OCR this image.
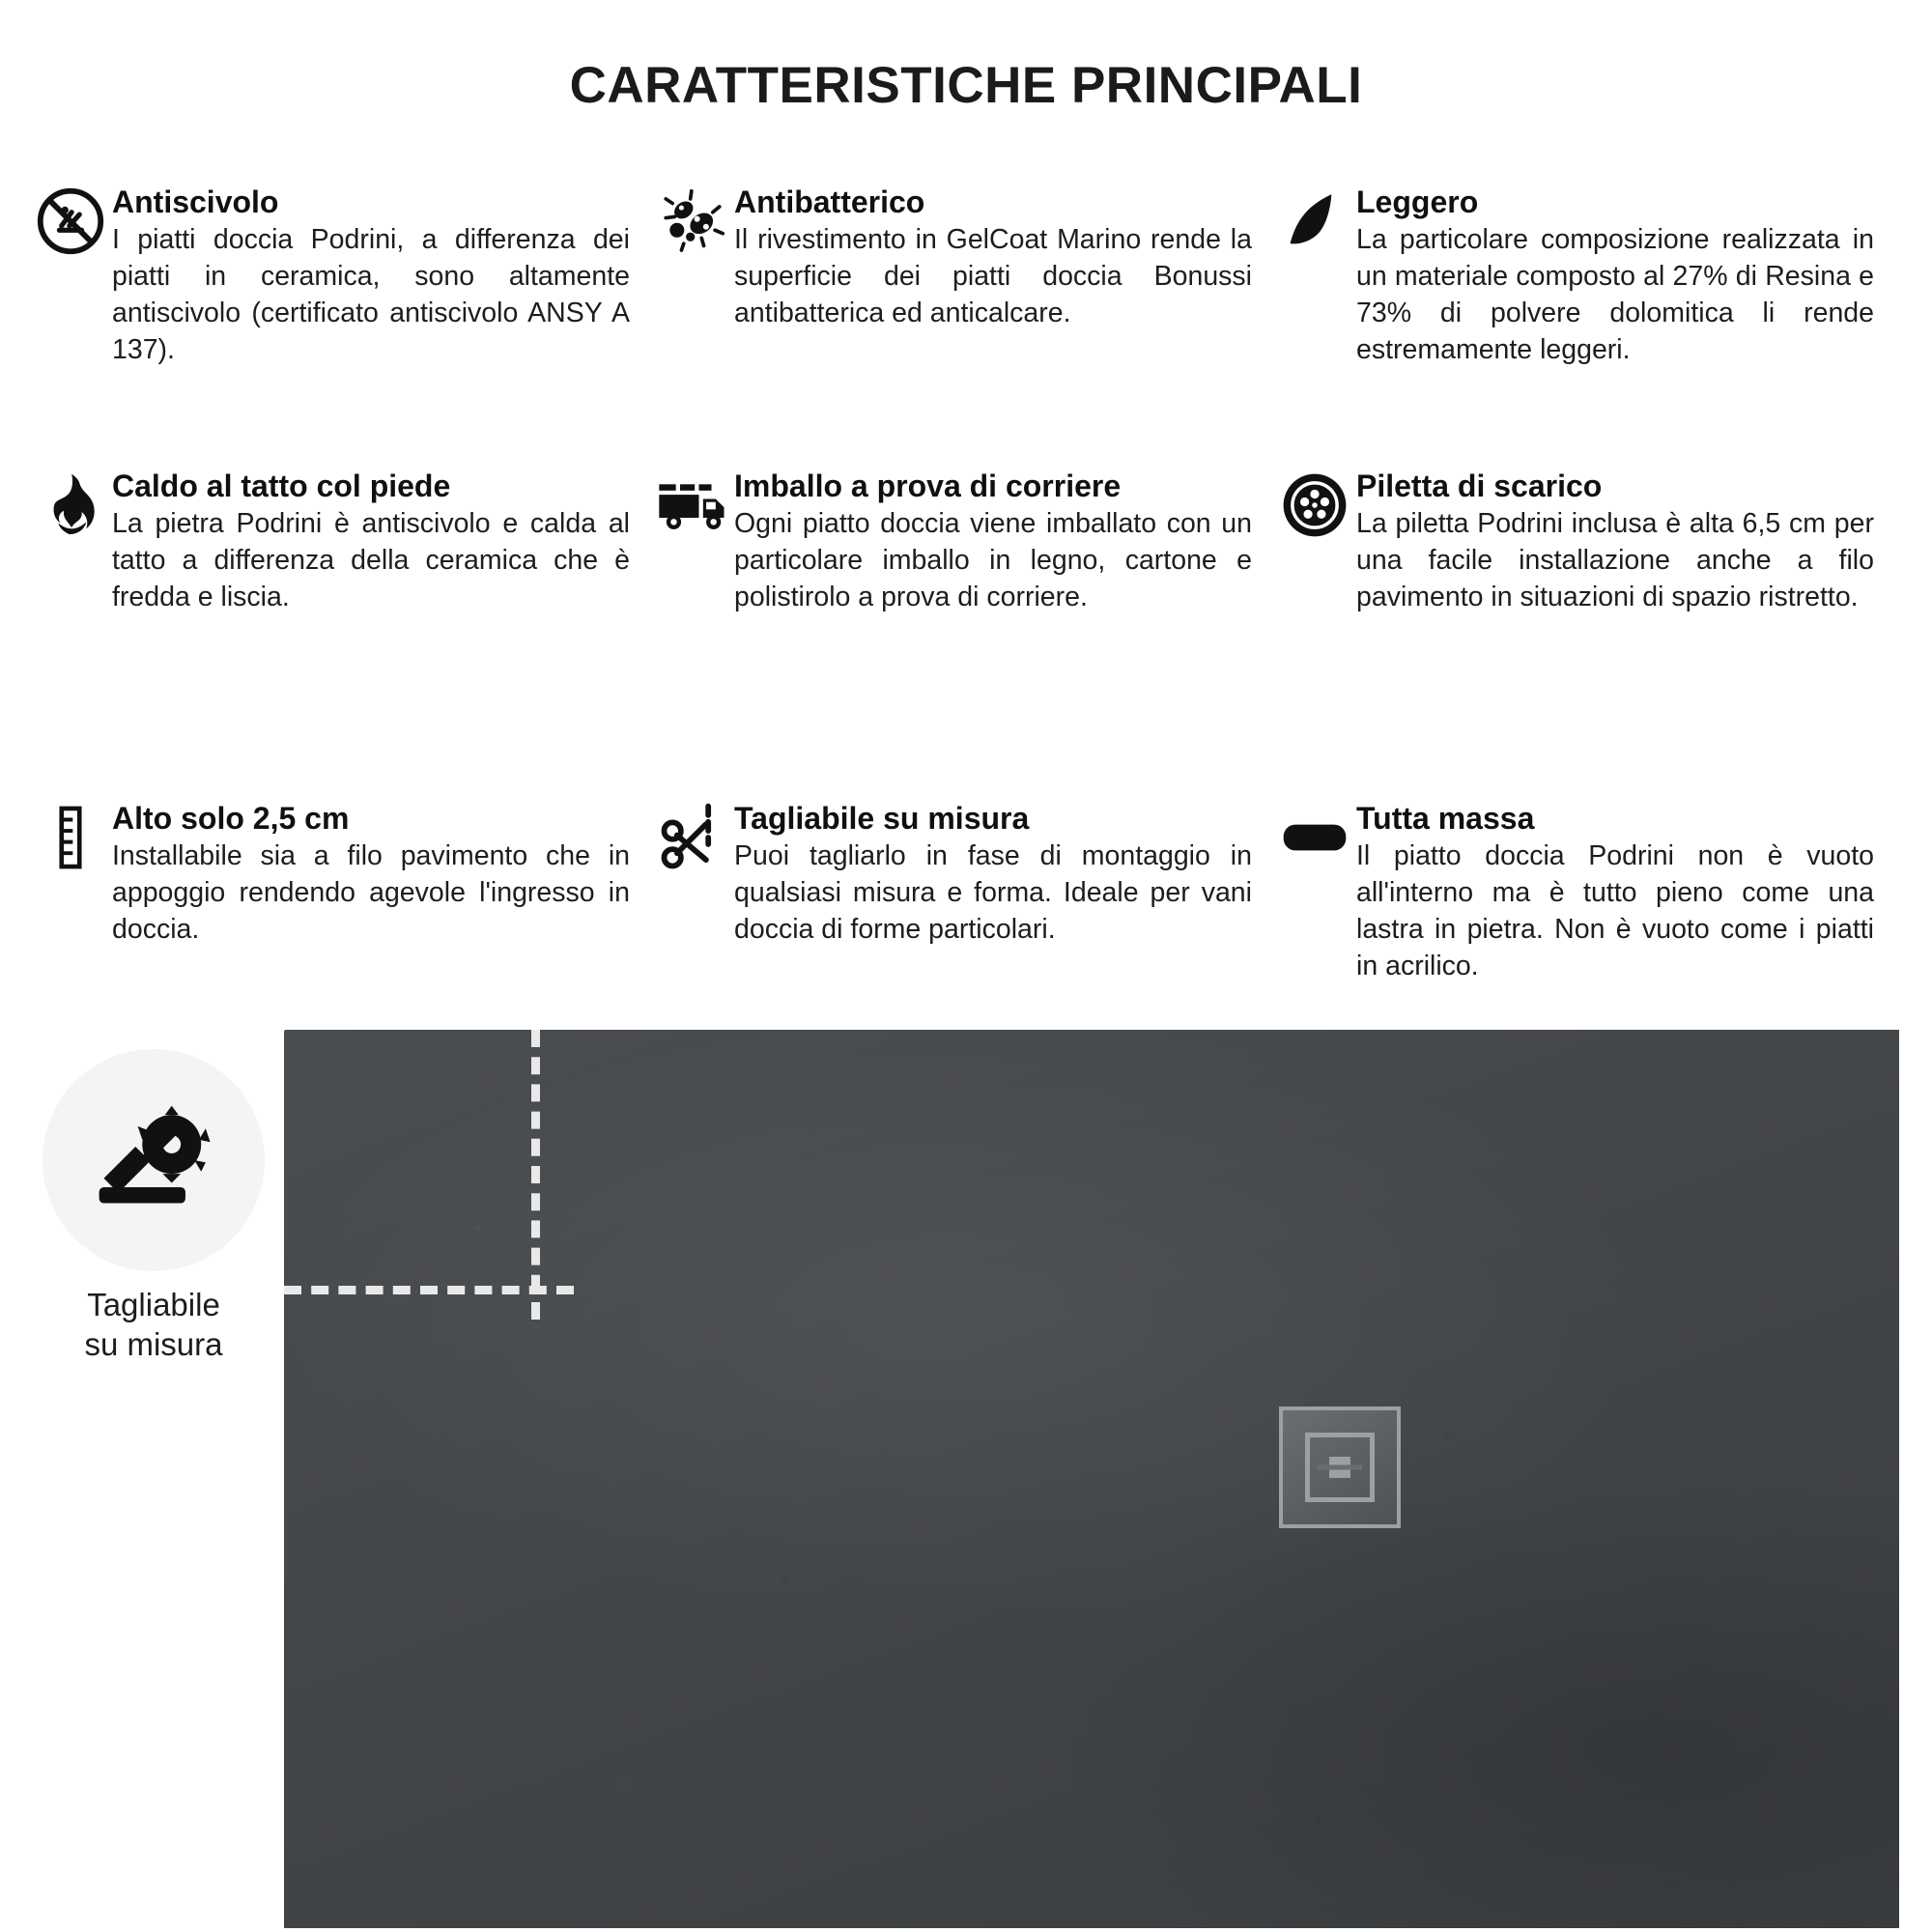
CARATTERISTICHE PRINCIPALI

Antiscivolo

I piatti doccia Podrini, a differenza dei piatti in ceramica, sono altamente antiscivolo (certificato antiscivolo ANSY A 137).

Antibatterico

Il rivestimento in GelCoat Marino rende la superficie dei piatti doccia Bonussi antibatterica ed anticalcare.

Leggero

La particolare composizione realizzata in un materiale composto al 27% di Resina e 73% di polvere dolomitica li rende estremamente leggeri.

Caldo al tatto col piede

La pietra Podrini è antiscivolo e calda al tatto a differenza della ceramica che è fredda e liscia.

Imballo a prova di corriere

Ogni piatto doccia viene imballato con un particolare imballo in legno, cartone e polistirolo a prova di corriere.

Piletta di scarico

La piletta Podrini inclusa è alta 6,5 cm per una facile installazione anche a filo pavimento in situazioni di spazio ristretto.

Alto solo 2,5 cm

Installabile sia a filo pavimento che in appoggio rendendo agevole l'ingresso in doccia.

Tagliabile su misura

Puoi tagliarlo in fase di montaggio in qualsiasi misura e forma. Ideale per vani doccia di forme particolari.

Tutta massa

Il piatto doccia Podrini non è vuoto all'interno ma è tutto pieno come una lastra in pietra. Non è vuoto come i piatti in acrilico.

Tagliabile
su misura
